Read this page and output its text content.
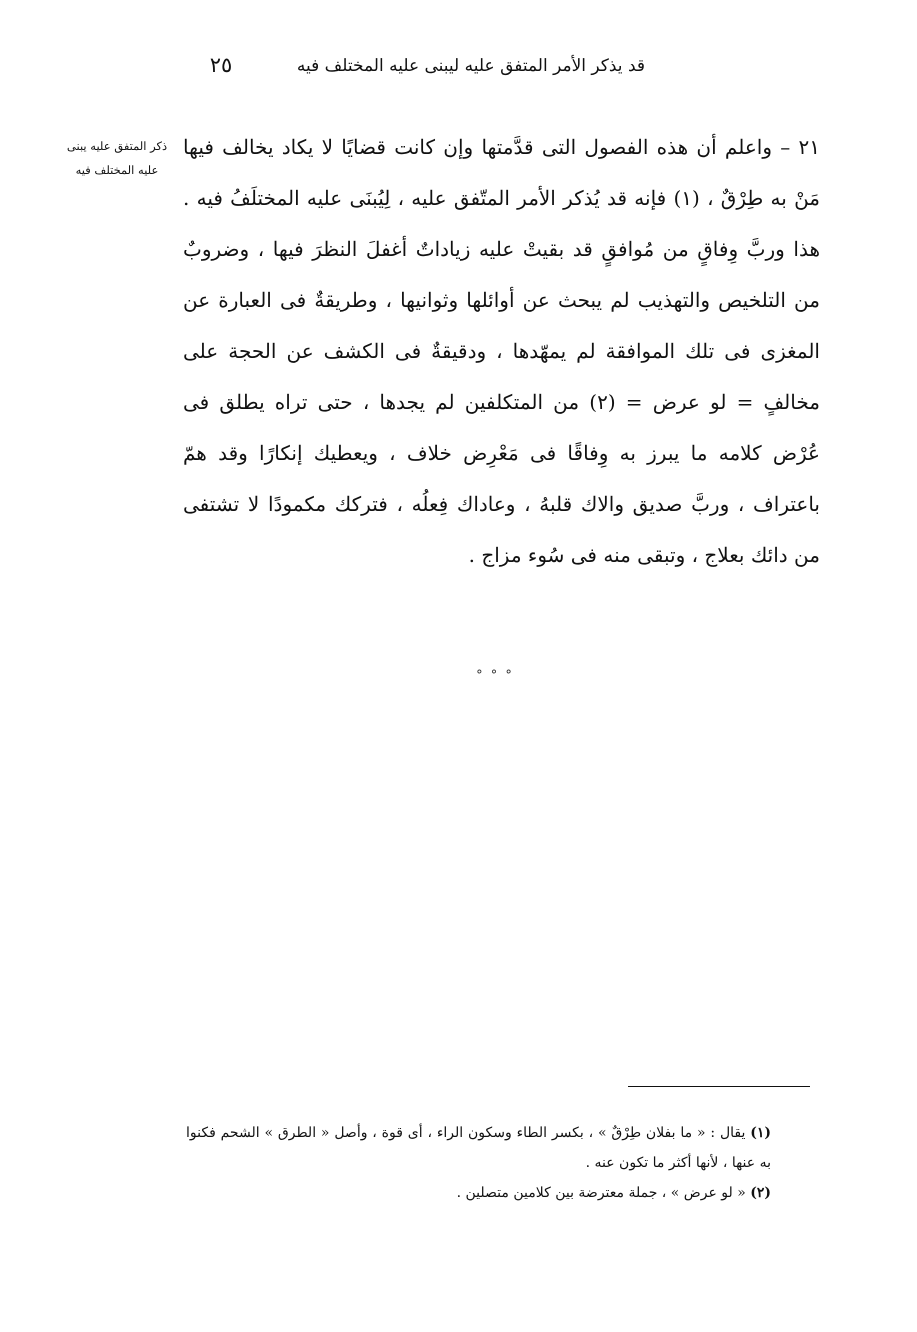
قد يذكر الأمر المتفق عليه ليبنى عليه المختلف فيه
٢٥
ذكر المتفق عليه يبنى عليه المختلف فيه

٢١ – واعلم أن هذه الفصول التى قدَّمتها وإن كانت قضايًا لا يكاد يخالف فيها مَنْ به طِرْقٌ ، (١) فإنه قد يُذكر الأمر المتّفق عليه ، لِيُبنَى عليه المختلَفُ فيه . هذا وربَّ وِفاقٍ من مُوافقٍ قد بقيتْ عليه زياداتٌ أغفلَ النظرَ فيها ، وضروبٌ من التلخيص والتهذيب لم يبحث عن أوائلها وثوانيها ، وطريقةٌ فى العبارة عن المغزى فى تلك الموافقة لم يمهّدها ، ودقيقةٌ فى الكشف عن الحجة على مخالفٍ = لو عرض = (٢) من المتكلفين لم يجدها ، حتى تراه يطلق فى عُرْض كلامه ما يبرز به وِفاقًا فى مَعْرِض خلاف ، ويعطيك إنكارًا وقد همّ باعتراف ، وربَّ صديق والاك قلبهُ ، وعاداك فِعلُه ، فتركك مكمودًا لا تشتفى من دائك بعلاج ، وتبقى منه فى سُوء مزاج .

° ° °

(١) يقال : « ما بفلان طِرْقٌ » ، بكسر الطاء وسكون الراء ، أى قوة ، وأصل « الطرق » الشحم فكنوا به عنها ، لأنها أكثر ما تكون عنه .

(٢) « لو عرض » ، جملة معترضة بين كلامين متصلين .
